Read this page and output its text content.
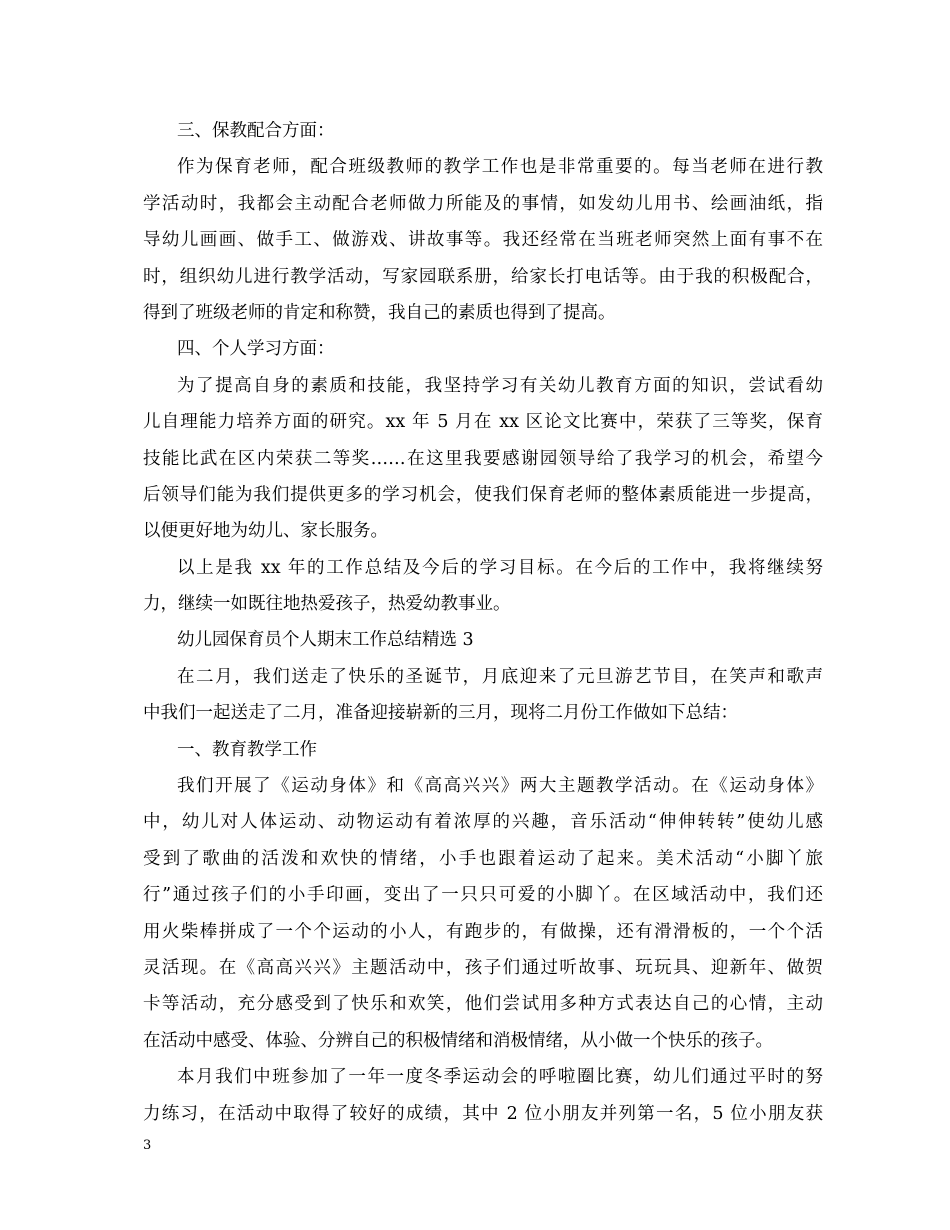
三、保教配合方面：
作为保育老师，配合班级教师的教学工作也是非常重要的。每当老师在进行教
学活动时，我都会主动配合老师做力所能及的事情，如发幼儿用书、绘画油纸，指
导幼儿画画、做手工、做游戏、讲故事等。我还经常在当班老师突然上面有事不在
时，组织幼儿进行教学活动，写家园联系册，给家长打电话等。由于我的积极配合，
得到了班级老师的肯定和称赞，我自己的素质也得到了提高。
四、个人学习方面：
为了提高自身的素质和技能，我坚持学习有关幼儿教育方面的知识，尝试看幼
儿自理能力培养方面的研究。xx 年 5 月在 xx 区论文比赛中，荣获了三等奖，保育
技能比武在区内荣获二等奖……在这里我要感谢园领导给了我学习的机会，希望今
后领导们能为我们提供更多的学习机会，使我们保育老师的整体素质能进一步提高，
以便更好地为幼儿、家长服务。
以上是我 xx 年的工作总结及今后的学习目标。在今后的工作中，我将继续努
力，继续一如既往地热爱孩子，热爱幼教事业。
幼儿园保育员个人期末工作总结精选 3
在二月，我们送走了快乐的圣诞节，月底迎来了元旦游艺节目，在笑声和歌声
中我们一起送走了二月，准备迎接崭新的三月，现将二月份工作做如下总结：
一、教育教学工作
我们开展了《运动身体》和《高高兴兴》两大主题教学活动。在《运动身体》
中，幼儿对人体运动、动物运动有着浓厚的兴趣，音乐活动“伸伸转转”使幼儿感
受到了歌曲的活泼和欢快的情绪，小手也跟着运动了起来。美术活动“小脚丫旅
行”通过孩子们的小手印画，变出了一只只可爱的小脚丫。在区域活动中，我们还
用火柴棒拼成了一个个运动的小人，有跑步的，有做操，还有滑滑板的，一个个活
灵活现。在《高高兴兴》主题活动中，孩子们通过听故事、玩玩具、迎新年、做贺
卡等活动，充分感受到了快乐和欢笑，他们尝试用多种方式表达自己的心情，主动
在活动中感受、体验、分辨自己的积极情绪和消极情绪，从小做一个快乐的孩子。
本月我们中班参加了一年一度冬季运动会的呼啦圈比赛，幼儿们通过平时的努
力练习，在活动中取得了较好的成绩，其中 2 位小朋友并列第一名，5 位小朋友获
3
